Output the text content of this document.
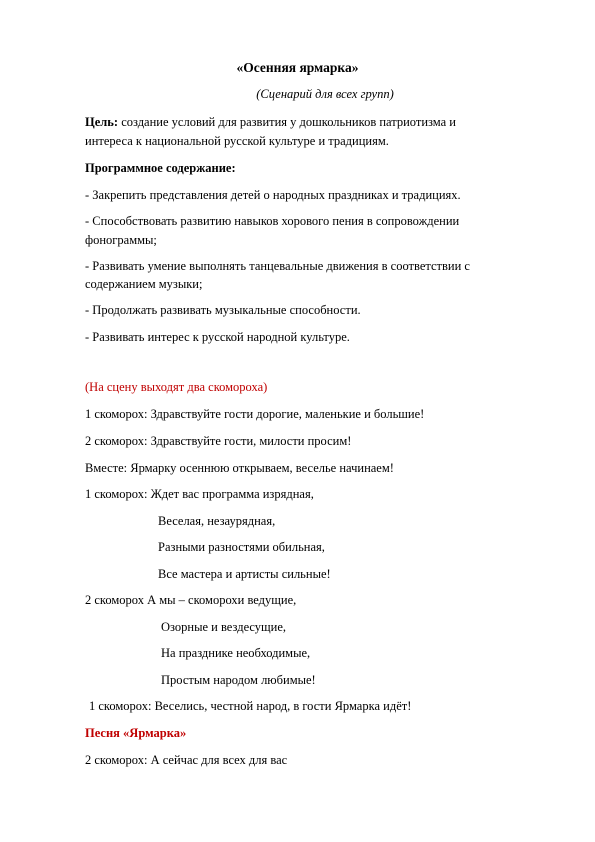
«Осенняя ярмарка»
(Сценарий для всех групп)
Цель: создание условий для развития у дошкольников патриотизма и
интереса к национальной русской культуре и традициям.
Программное содержание:
- Закрепить представления детей о народных праздниках и традициях.
- Способствовать развитию навыков хорового пения в сопровождении
фонограммы;
- Развивать умение выполнять танцевальные движения в соответствии с
содержанием музыки;
- Продолжать развивать музыкальные способности.
- Развивать интерес к русской народной культуре.
(На сцену выходят два скомороха)
1 скоморох: Здравствуйте гости дорогие, маленькие и большие!
2 скоморох: Здравствуйте гости, милости просим!
Вместе: Ярмарку осеннюю открываем, веселье начинаем!
1 скоморох: Ждет вас программа изрядная,
Веселая, незаурядная,
Разными разностями обильная,
Все мастера и артисты сильные!
2 скоморох А мы – скоморохи ведущие,
Озорные и вездесущие,
На празднике необходимые,
Простым народом любимые!
1 скоморох: Веселись, честной народ, в гости Ярмарка идёт!
Песня «Ярмарка»
2 скоморох: А сейчас для всех для вас
